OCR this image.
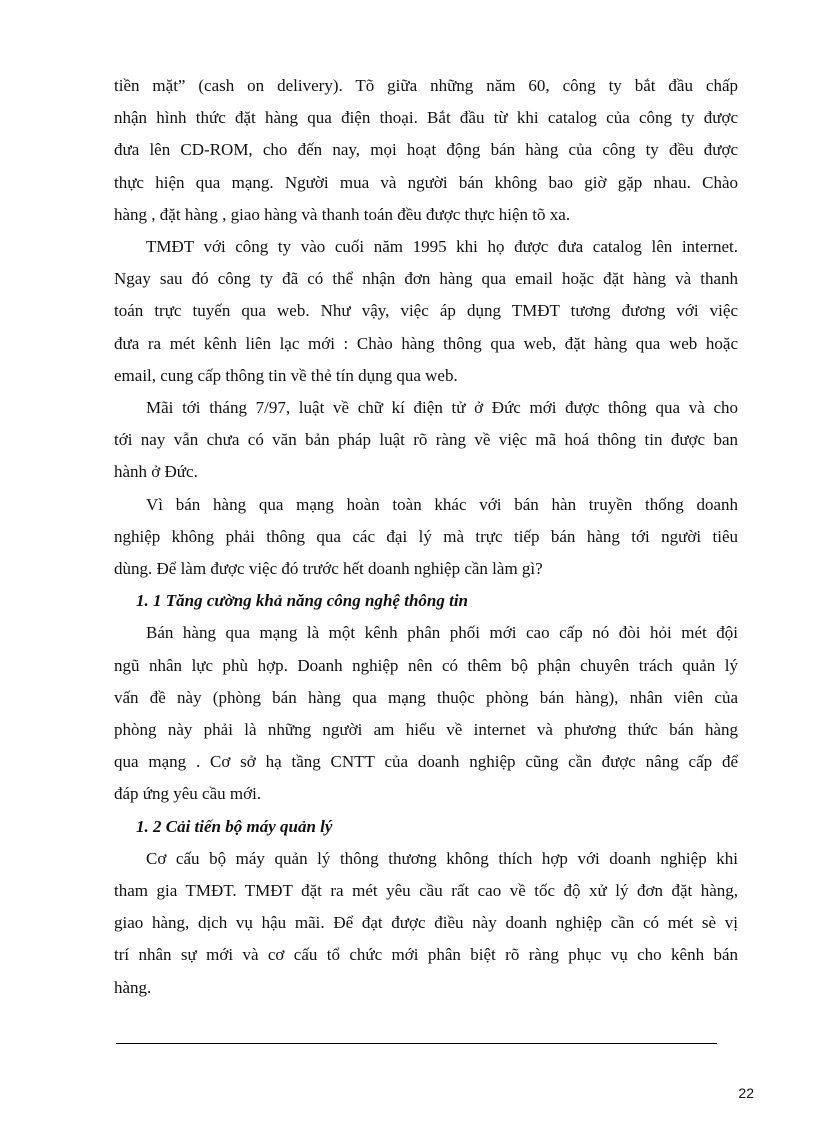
tiền mặt” (cash on delivery). Tõ giữa những năm 60, công ty bắt đầu chấp
nhận hình thức đặt hàng qua điện thoại. Bắt đầu từ khi catalog của công ty được
đưa lên CD-ROM, cho đến nay, mọi hoạt động bán hàng của công ty đều được
thực hiện qua mạng. Người mua và người bán không bao giờ gặp nhau. Chào
hàng , đặt hàng , giao hàng và thanh toán đều được thực hiện tõ xa.

TMĐT với công ty vào cuối năm 1995 khi họ được đưa catalog lên internet.
Ngay sau đó công ty đã có thể nhận đơn hàng qua email hoặc đặt hàng và thanh
toán trực tuyến qua web. Như vậy, việc áp dụng TMĐT tương đương với việc
đưa ra mét kênh liên lạc mới : Chào hàng thông qua web, đặt hàng qua web hoặc
email, cung cấp thông tin về thẻ tín dụng qua web.

Mãi tới tháng 7/97, luật về chữ kí điện tử ở Đức mới được thông qua và cho
tới nay vẫn chưa có văn bản pháp luật rõ ràng về việc mã hoá thông tin được ban
hành ở Đức.

Vì bán hàng qua mạng hoàn toàn khác với bán hàn truyền thống doanh
nghiệp không phải thông qua các đại lý mà trực tiếp bán hàng tới người tiêu
dùng. Để làm được việc đó trước hết doanh nghiệp cần làm gì?

1. 1 Tăng cường khả năng công nghệ thông tin

Bán hàng qua mạng là một kênh phân phối mới cao cấp nó đòi hỏi mét đội
ngũ nhân lực phù hợp. Doanh nghiệp nên có thêm bộ phận chuyên trách quản lý
vấn đề này (phòng bán hàng qua mạng thuộc phòng bán hàng), nhân viên của
phòng này phải là những người am hiểu về internet và phương thức bán hàng
qua mạng . Cơ sở hạ tầng CNTT của doanh nghiệp cũng cần được nâng cấp để
đáp ứng yêu cầu mới.

1. 2 Cải tiến bộ máy quản lý

Cơ cấu bộ máy quản lý thông thương không thích hợp với doanh nghiệp khi
tham gia TMĐT. TMĐT đặt ra mét yêu cầu rất cao về tốc độ xử lý đơn đặt hàng,
giao hàng, dịch vụ hậu mãi. Để đạt được điều này doanh nghiệp cần có mét sè vị
trí nhân sự mới và cơ cấu tổ chức mới phân biệt rõ ràng phục vụ cho kênh bán
hàng.

22
